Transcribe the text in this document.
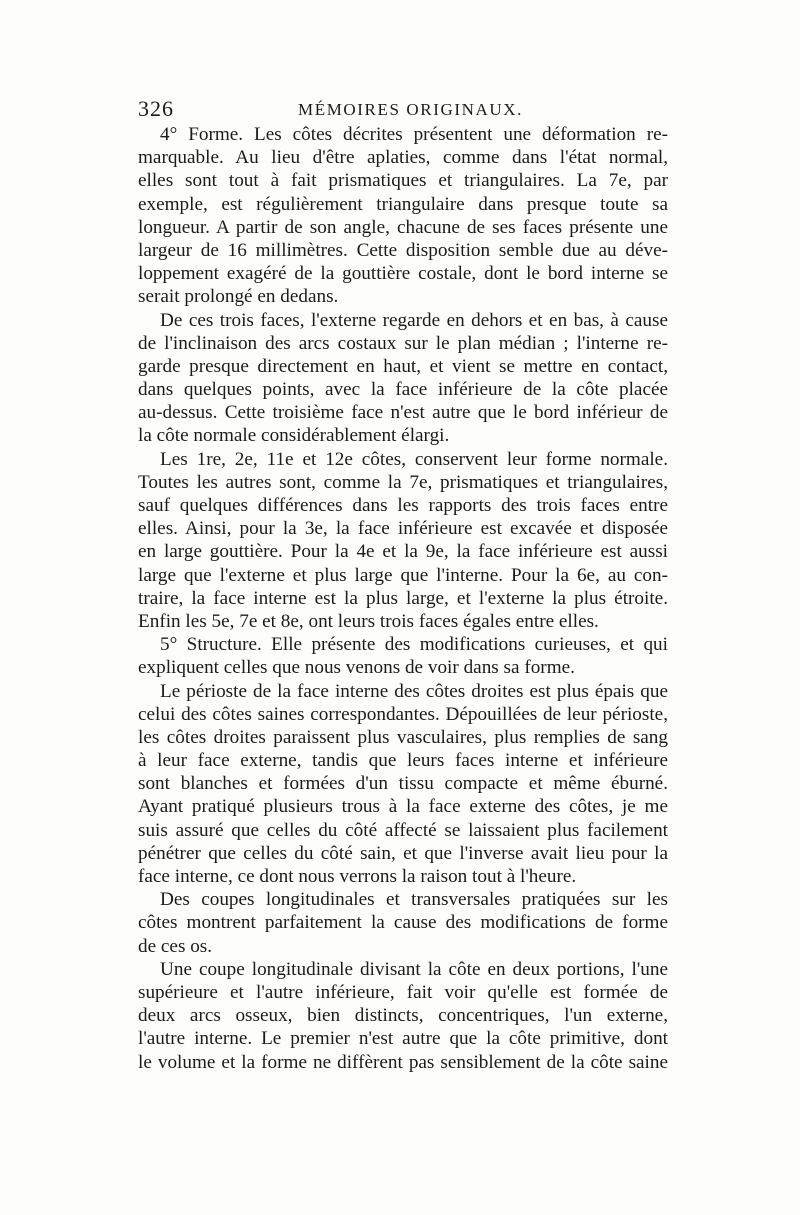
326	MÉMOIRES ORIGINAUX.
4° Forme. Les côtes décrites présentent une déformation re-
marquable. Au lieu d'être aplaties, comme dans l'état normal,
elles sont tout à fait prismatiques et triangulaires. La 7e, par
exemple, est régulièrement triangulaire dans presque toute sa
longueur. A partir de son angle, chacune de ses faces présente une
largeur de 16 millimètres. Cette disposition semble due au déve-
loppement exagéré de la gouttière costale, dont le bord interne se
serait prolongé en dedans.
De ces trois faces, l'externe regarde en dehors et en bas, à cause
de l'inclinaison des arcs costaux sur le plan médian ; l'interne re-
garde presque directement en haut, et vient se mettre en contact,
dans quelques points, avec la face inférieure de la côte placée
au-dessus. Cette troisième face n'est autre que le bord inférieur de
la côte normale considérablement élargi.
Les 1re, 2e, 11e et 12e côtes, conservent leur forme normale.
Toutes les autres sont, comme la 7e, prismatiques et triangulaires,
sauf quelques différences dans les rapports des trois faces entre
elles. Ainsi, pour la 3e, la face inférieure est excavée et disposée
en large gouttière. Pour la 4e et la 9e, la face inférieure est aussi
large que l'externe et plus large que l'interne. Pour la 6e, au con-
traire, la face interne est la plus large, et l'externe la plus étroite.
Enfin les 5e, 7e et 8e, ont leurs trois faces égales entre elles.
5° Structure. Elle présente des modifications curieuses, et qui
expliquent celles que nous venons de voir dans sa forme.
Le périoste de la face interne des côtes droites est plus épais que
celui des côtes saines correspondantes. Dépouillées de leur périoste,
les côtes droites paraissent plus vasculaires, plus remplies de sang
à leur face externe, tandis que leurs faces interne et inférieure
sont blanches et formées d'un tissu compacte et même éburné.
Ayant pratiqué plusieurs trous à la face externe des côtes, je me
suis assuré que celles du côté affecté se laissaient plus facilement
pénétrer que celles du côté sain, et que l'inverse avait lieu pour la
face interne, ce dont nous verrons la raison tout à l'heure.
Des coupes longitudinales et transversales pratiquées sur les
côtes montrent parfaitement la cause des modifications de forme
de ces os.
Une coupe longitudinale divisant la côte en deux portions, l'une
supérieure et l'autre inférieure, fait voir qu'elle est formée de
deux arcs osseux, bien distincts, concentriques, l'un externe,
l'autre interne. Le premier n'est autre que la côte primitive, dont
le volume et la forme ne diffèrent pas sensiblement de la côte saine
